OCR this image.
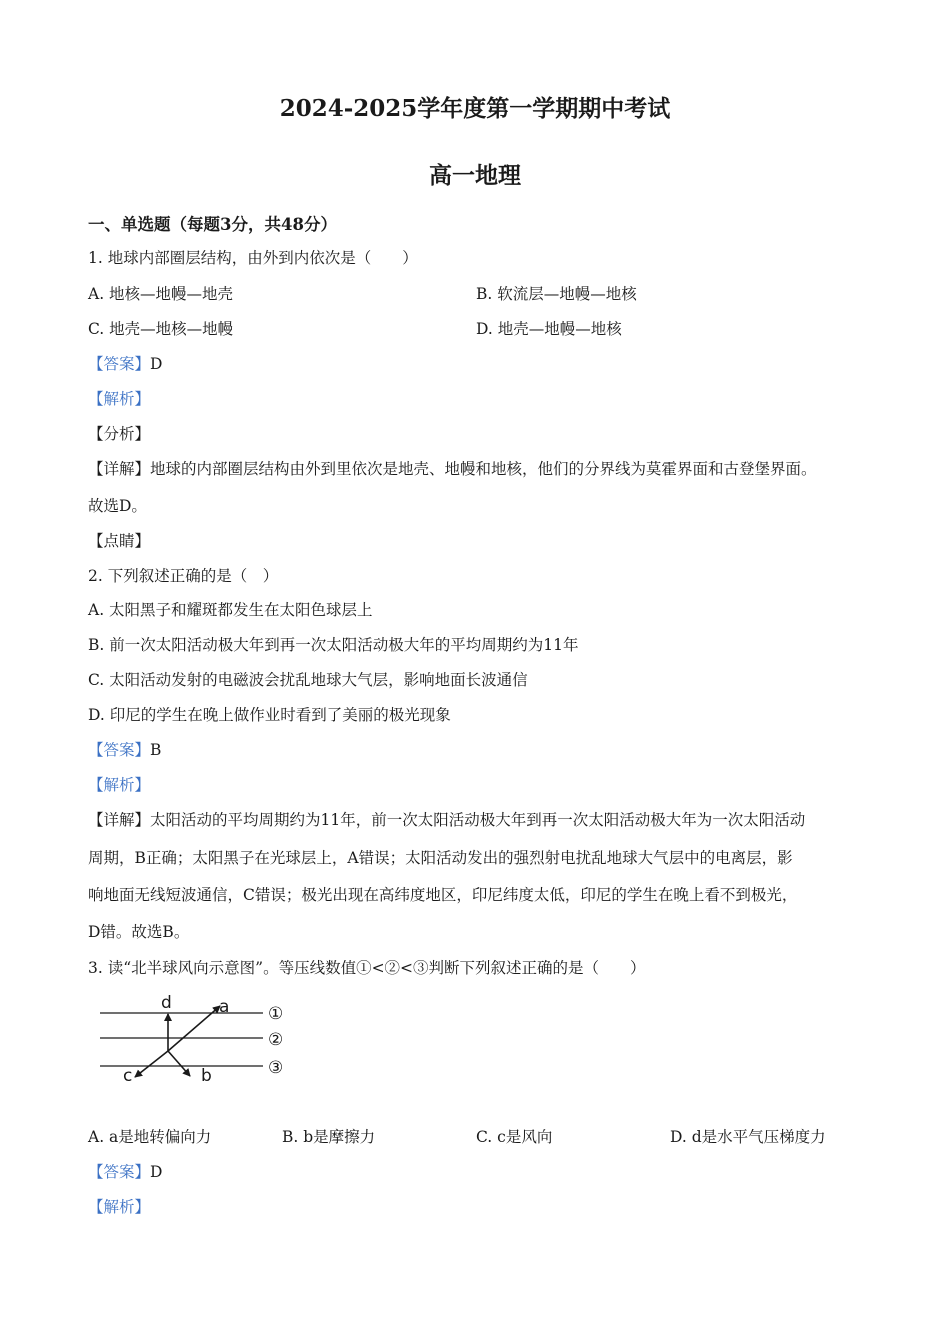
2024-2025学年度第一学期期中考试
高一地理
一、单选题（每题3分，共48分）
1. 地球内部圈层结构，由外到内依次是（　　）
A. 地核—地幔—地壳	B. 软流层—地幔—地核
C. 地壳—地核—地幔	D. 地壳—地幔—地核
【答案】D
【解析】
【分析】
【详解】地球的内部圈层结构由外到里依次是地壳、地幔和地核，他们的分界线为莫霍界面和古登堡界面。
故选D。
【点睛】
2. 下列叙述正确的是（　）
A. 太阳黑子和耀斑都发生在太阳色球层上
B. 前一次太阳活动极大年到再一次太阳活动极大年的平均周期约为11年
C. 太阳活动发射的电磁波会扰乱地球大气层，影响地面长波通信
D. 印尼的学生在晚上做作业时看到了美丽的极光现象
【答案】B
【解析】
【详解】太阳活动的平均周期约为11年，前一次太阳活动极大年到再一次太阳活动极大年为一次太阳活动
周期，B正确；太阳黑子在光球层上，A错误；太阳活动发出的强烈射电扰乱地球大气层中的电离层，影
响地面无线短波通信，C错误；极光出现在高纬度地区，印尼纬度太低，印尼的学生在晚上看不到极光，
D错。故选B。
3. 读“北半球风向示意图”。等压线数值①<②<③判断下列叙述正确的是（　　）
d	a
c	b
①
②
③
A. a是地转偏向力	B. b是摩擦力	C. c是风向	D. d是水平气压梯度力
【答案】D
【解析】
